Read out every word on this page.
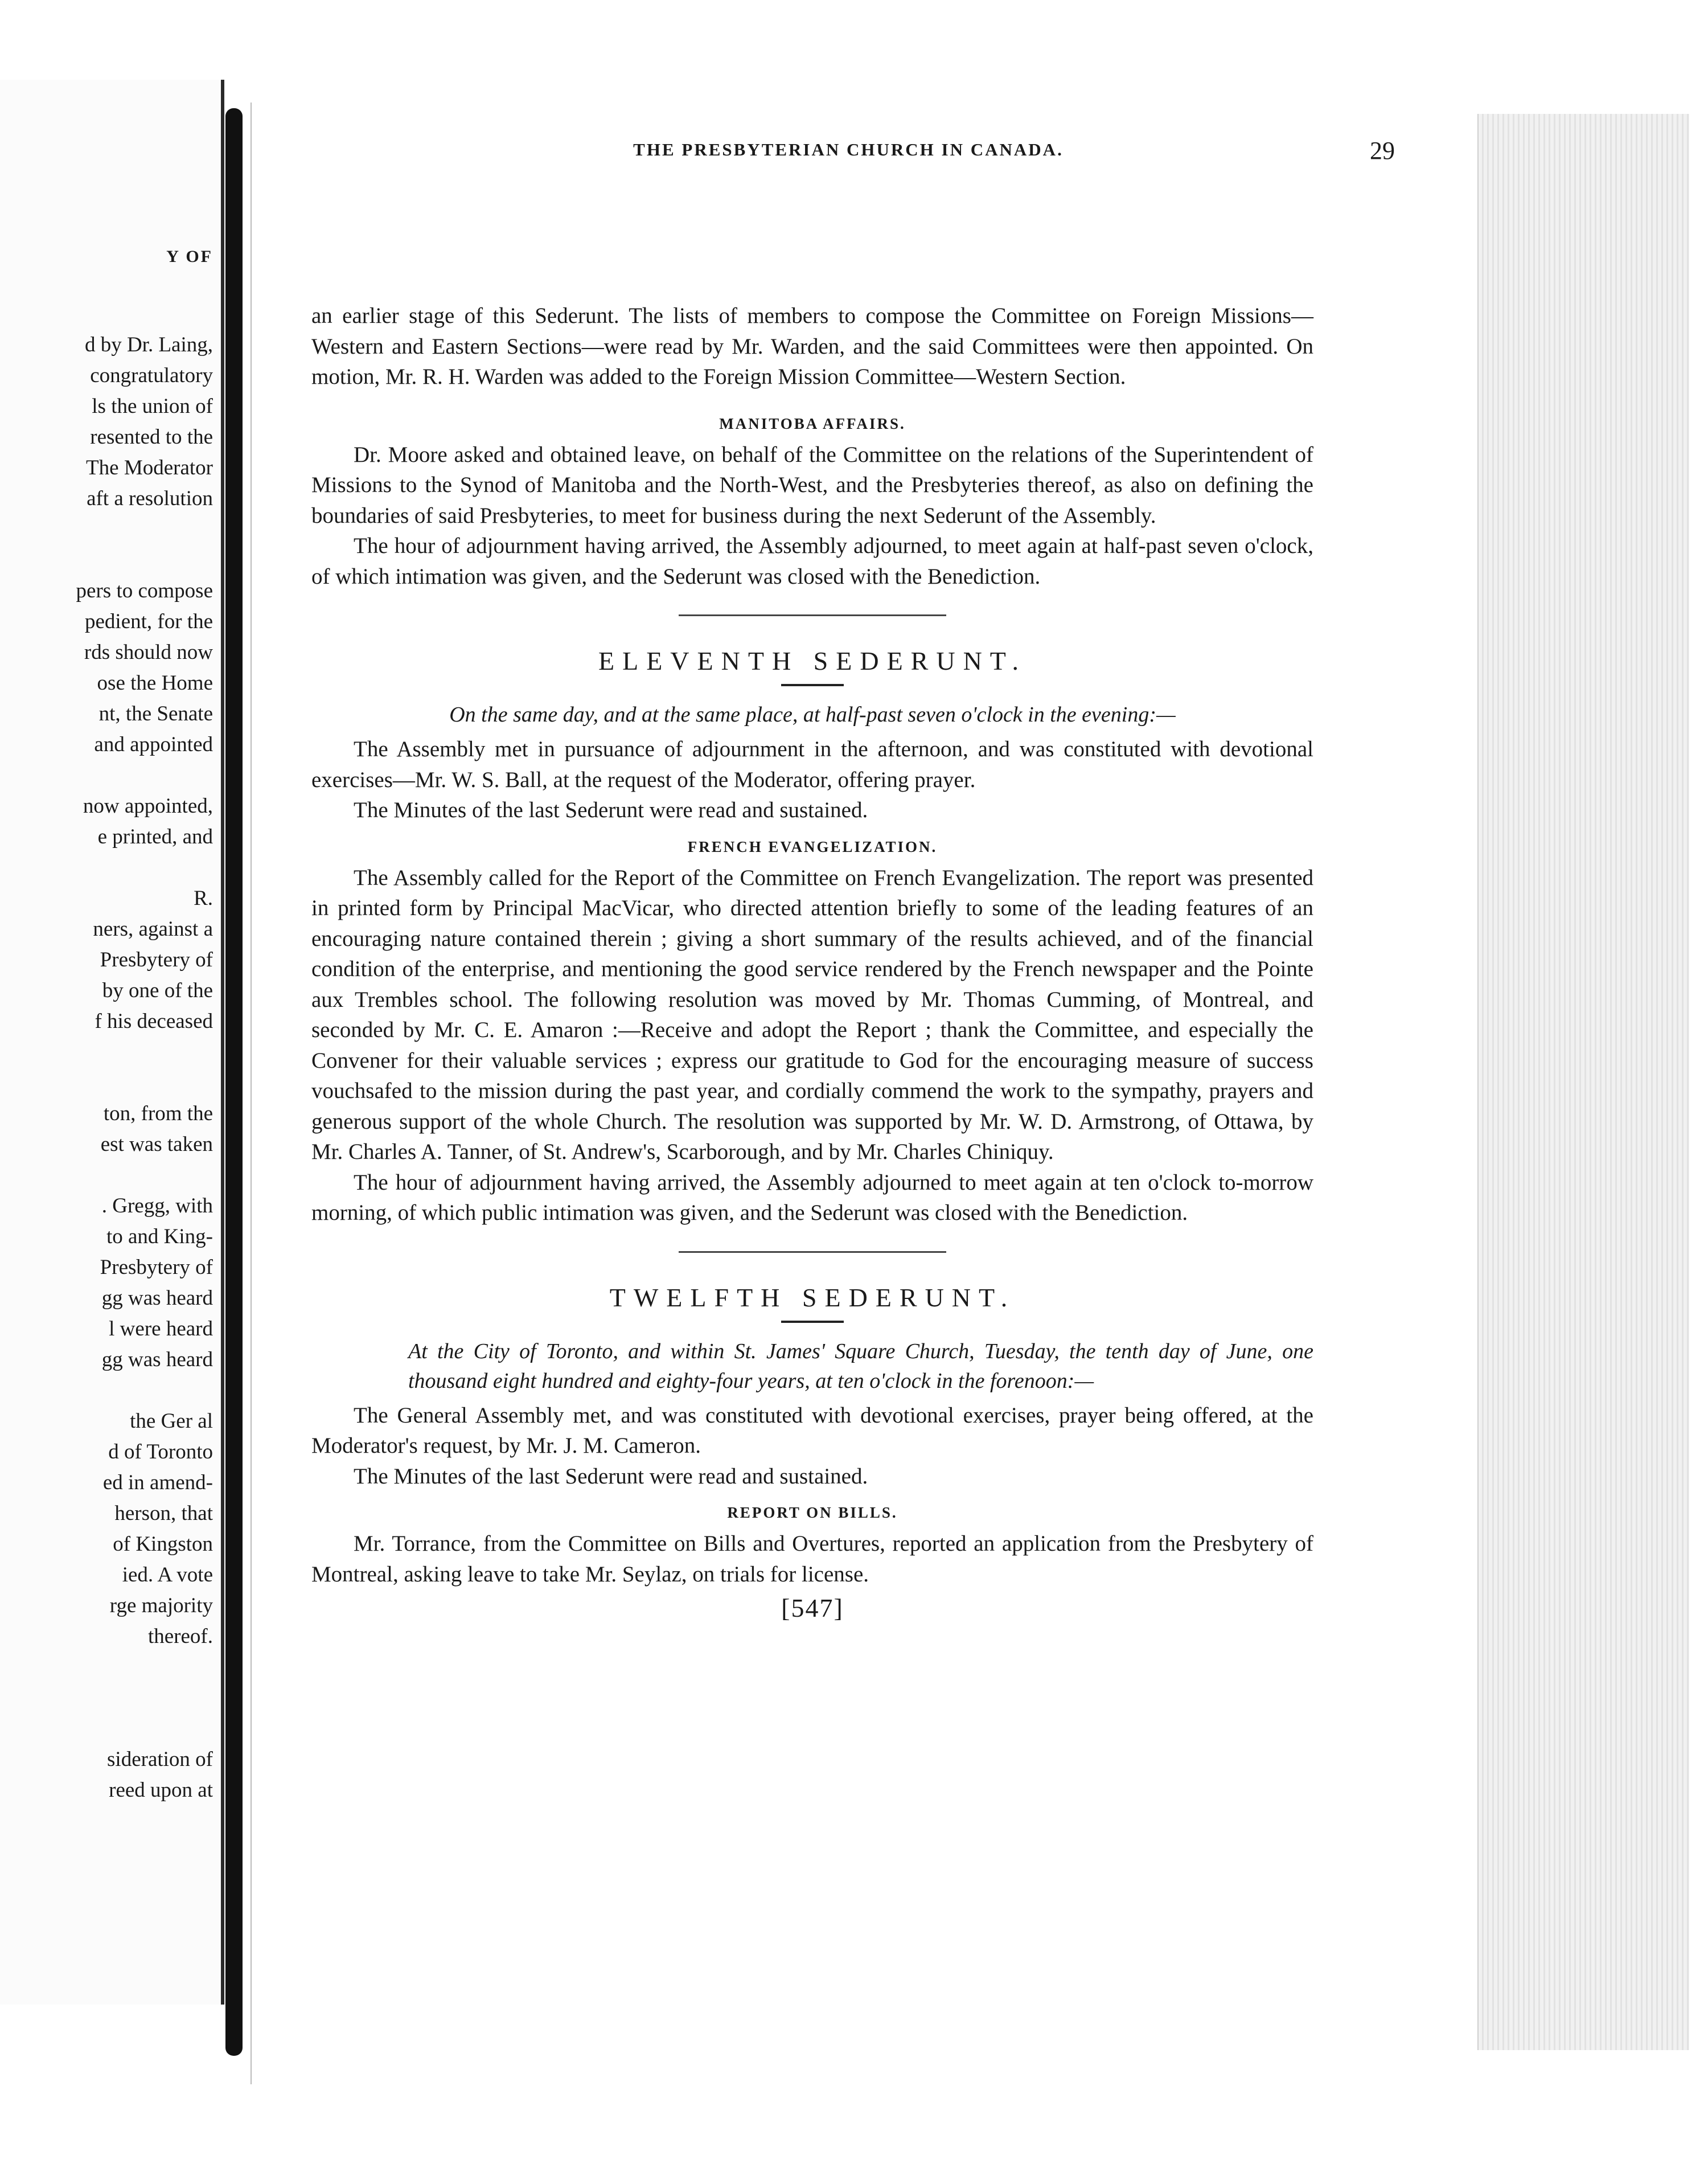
Y OF
d by Dr. Laing,
congratulatory
ls the union of
resented to the
The Moderator
aft a resolution
pers to compose
pedient, for the
rds should now
ose the Home
nt, the Senate
and appointed
now appointed,
e printed, and
R.
ners, against a
Presbytery of
by one of the
f his deceased
ton, from the
est was taken
. Gregg, with
to and King-
Presbytery of
gg was heard
l were heard
gg was heard
the Ger al
d of Toronto
ed in amend-
herson, that
of Kingston
ied. A vote
rge majority
thereof.
sideration of
reed upon at
THE PRESBYTERIAN CHURCH IN CANADA.	29

an earlier stage of this Sederunt. The lists of members to compose the Committee on Foreign Missions—Western and Eastern Sections—were read by Mr. Warden, and the said Committees were then appointed. On motion, Mr. R. H. Warden was added to the Foreign Mission Committee—Western Section.

MANITOBA AFFAIRS.

Dr. Moore asked and obtained leave, on behalf of the Committee on the relations of the Superintendent of Missions to the Synod of Manitoba and the North-West, and the Presbyteries thereof, as also on defining the boundaries of said Presbyteries, to meet for business during the next Sederunt of the Assembly.

The hour of adjournment having arrived, the Assembly adjourned, to meet again at half-past seven o'clock, of which intimation was given, and the Sederunt was closed with the Benediction.

ELEVENTH SEDERUNT.

On the same day, and at the same place, at half-past seven o'clock in the evening:—

The Assembly met in pursuance of adjournment in the afternoon, and was constituted with devotional exercises—Mr. W. S. Ball, at the request of the Moderator, offering prayer.

The Minutes of the last Sederunt were read and sustained.

FRENCH EVANGELIZATION.

The Assembly called for the Report of the Committee on French Evangelization. The report was presented in printed form by Principal MacVicar, who directed attention briefly to some of the leading features of an encouraging nature contained therein ; giving a short summary of the results achieved, and of the financial condition of the enterprise, and mentioning the good service rendered by the French newspaper and the Pointe aux Trembles school. The following resolution was moved by Mr. Thomas Cumming, of Montreal, and seconded by Mr. C. E. Amaron :—Receive and adopt the Report ; thank the Committee, and especially the Convener for their valuable services ; express our gratitude to God for the encouraging measure of success vouchsafed to the mission during the past year, and cordially commend the work to the sympathy, prayers and generous support of the whole Church. The resolution was supported by Mr. W. D. Armstrong, of Ottawa, by Mr. Charles A. Tanner, of St. Andrew's, Scarborough, and by Mr. Charles Chiniquy.

The hour of adjournment having arrived, the Assembly adjourned to meet again at ten o'clock to-morrow morning, of which public intimation was given, and the Sederunt was closed with the Benediction.

TWELFTH SEDERUNT.

At the City of Toronto, and within St. James' Square Church, Tuesday, the tenth day of June, one thousand eight hundred and eighty-four years, at ten o'clock in the forenoon:—

The General Assembly met, and was constituted with devotional exercises, prayer being offered, at the Moderator's request, by Mr. J. M. Cameron.

The Minutes of the last Sederunt were read and sustained.

REPORT ON BILLS.

Mr. Torrance, from the Committee on Bills and Overtures, reported an application from the Presbytery of Montreal, asking leave to take Mr. Seylaz, on trials for license.

[547]
